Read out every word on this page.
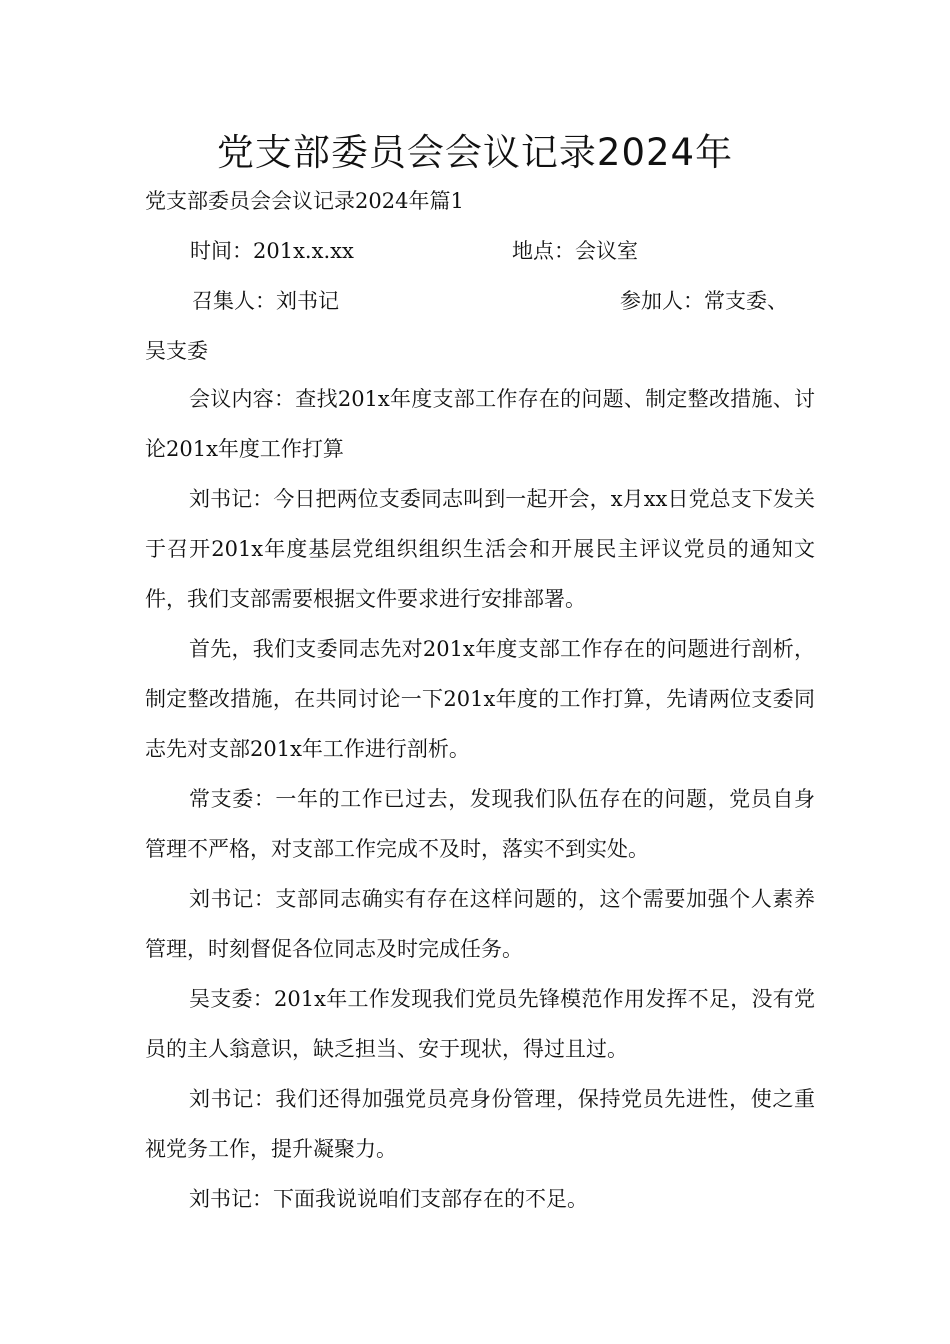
党支部委员会会议记录2024年

党支部委员会会议记录2024年篇1

时间：201x.x.xx	地点：会议室

召集人：刘书记	参加人：常支委、

吴支委

会议内容：查找201x年度支部工作存在的问题、制定整改措施、讨论201x年度工作打算

刘书记：今日把两位支委同志叫到一起开会，x月xx日党总支下发关于召开201x年度基层党组织组织生活会和开展民主评议党员的通知文件，我们支部需要根据文件要求进行安排部署。

首先，我们支委同志先对201x年度支部工作存在的问题进行剖析，制定整改措施，在共同讨论一下201x年度的工作打算，先请两位支委同志先对支部201x年工作进行剖析。

常支委：一年的工作已过去，发现我们队伍存在的问题，党员自身管理不严格，对支部工作完成不及时，落实不到实处。

刘书记：支部同志确实有存在这样问题的，这个需要加强个人素养管理，时刻督促各位同志及时完成任务。

吴支委：201x年工作发现我们党员先锋模范作用发挥不足，没有党员的主人翁意识，缺乏担当、安于现状，得过且过。

刘书记：我们还得加强党员亮身份管理，保持党员先进性，使之重视党务工作，提升凝聚力。

刘书记：下面我说说咱们支部存在的不足。
